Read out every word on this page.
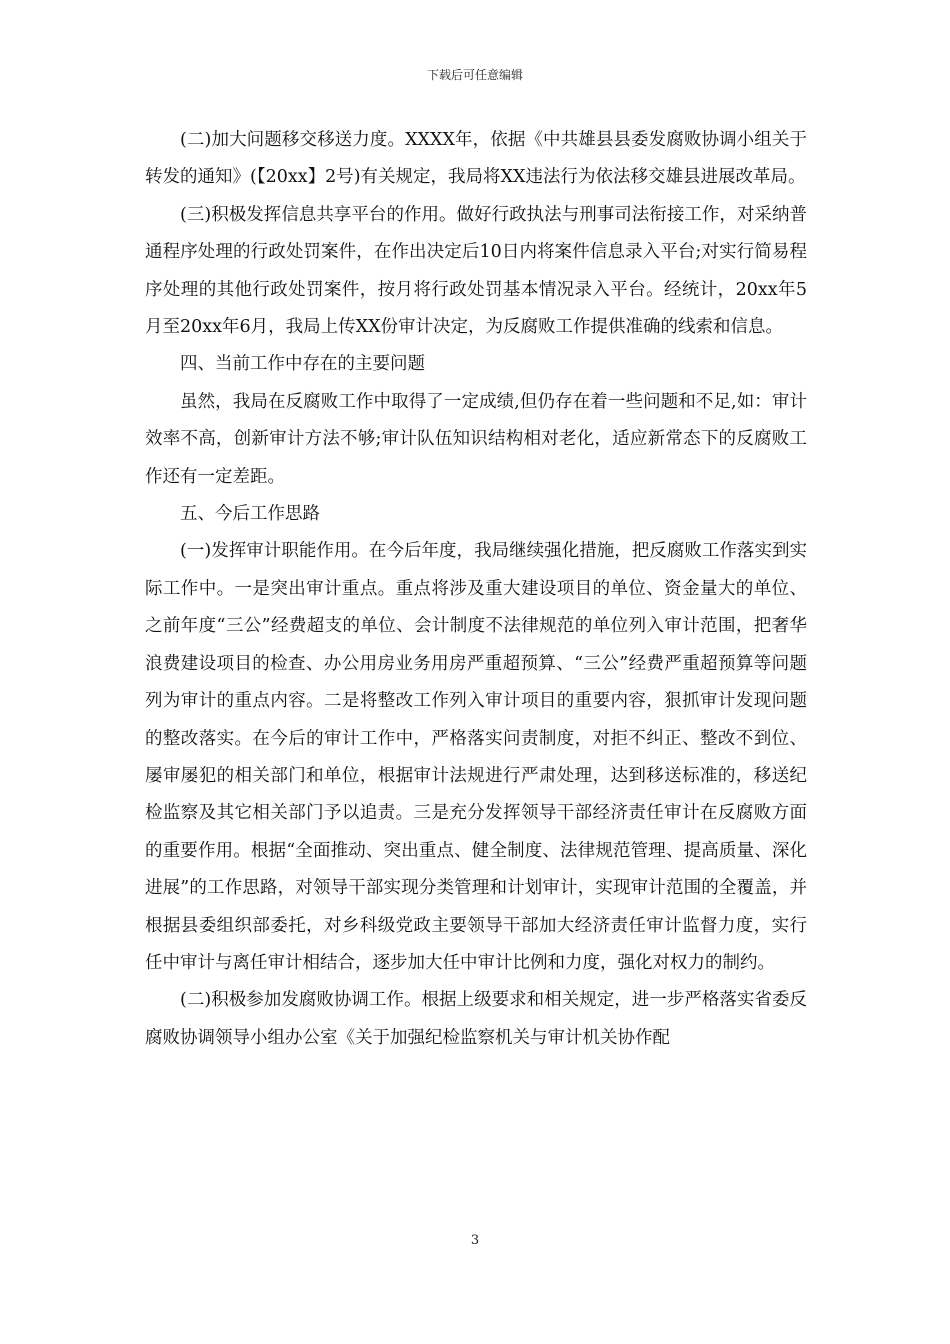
下载后可任意编辑

(二)加大问题移交移送力度。XXXX年，依据《中共雄县县委发腐败协调小组关于转发的通知》(【20xx】2号)有关规定，我局将XX违法行为依法移交雄县进展改革局。

(三)积极发挥信息共享平台的作用。做好行政执法与刑事司法衔接工作，对采纳普通程序处理的行政处罚案件，在作出决定后10日内将案件信息录入平台;对实行简易程序处理的其他行政处罚案件，按月将行政处罚基本情况录入平台。经统计，20xx年5月至20xx年6月，我局上传XX份审计决定，为反腐败工作提供准确的线索和信息。

四、当前工作中存在的主要问题

虽然，我局在反腐败工作中取得了一定成绩,但仍存在着一些问题和不足,如：审计效率不高，创新审计方法不够;审计队伍知识结构相对老化，适应新常态下的反腐败工作还有一定差距。

五、今后工作思路

(一)发挥审计职能作用。在今后年度，我局继续强化措施，把反腐败工作落实到实际工作中。一是突出审计重点。重点将涉及重大建设项目的单位、资金量大的单位、之前年度“三公”经费超支的单位、会计制度不法律规范的单位列入审计范围，把奢华浪费建设项目的检查、办公用房业务用房严重超预算、“三公”经费严重超预算等问题列为审计的重点内容。二是将整改工作列入审计项目的重要内容，狠抓审计发现问题的整改落实。在今后的审计工作中，严格落实问责制度，对拒不纠正、整改不到位、屡审屡犯的相关部门和单位，根据审计法规进行严肃处理，达到移送标准的，移送纪检监察及其它相关部门予以追责。三是充分发挥领导干部经济责任审计在反腐败方面的重要作用。根据“全面推动、突出重点、健全制度、法律规范管理、提高质量、深化进展”的工作思路，对领导干部实现分类管理和计划审计，实现审计范围的全覆盖，并根据县委组织部委托，对乡科级党政主要领导干部加大经济责任审计监督力度，实行任中审计与离任审计相结合，逐步加大任中审计比例和力度，强化对权力的制约。

(二)积极参加发腐败协调工作。根据上级要求和相关规定，进一步严格落实省委反腐败协调领导小组办公室《关于加强纪检监察机关与审计机关协作配

3
